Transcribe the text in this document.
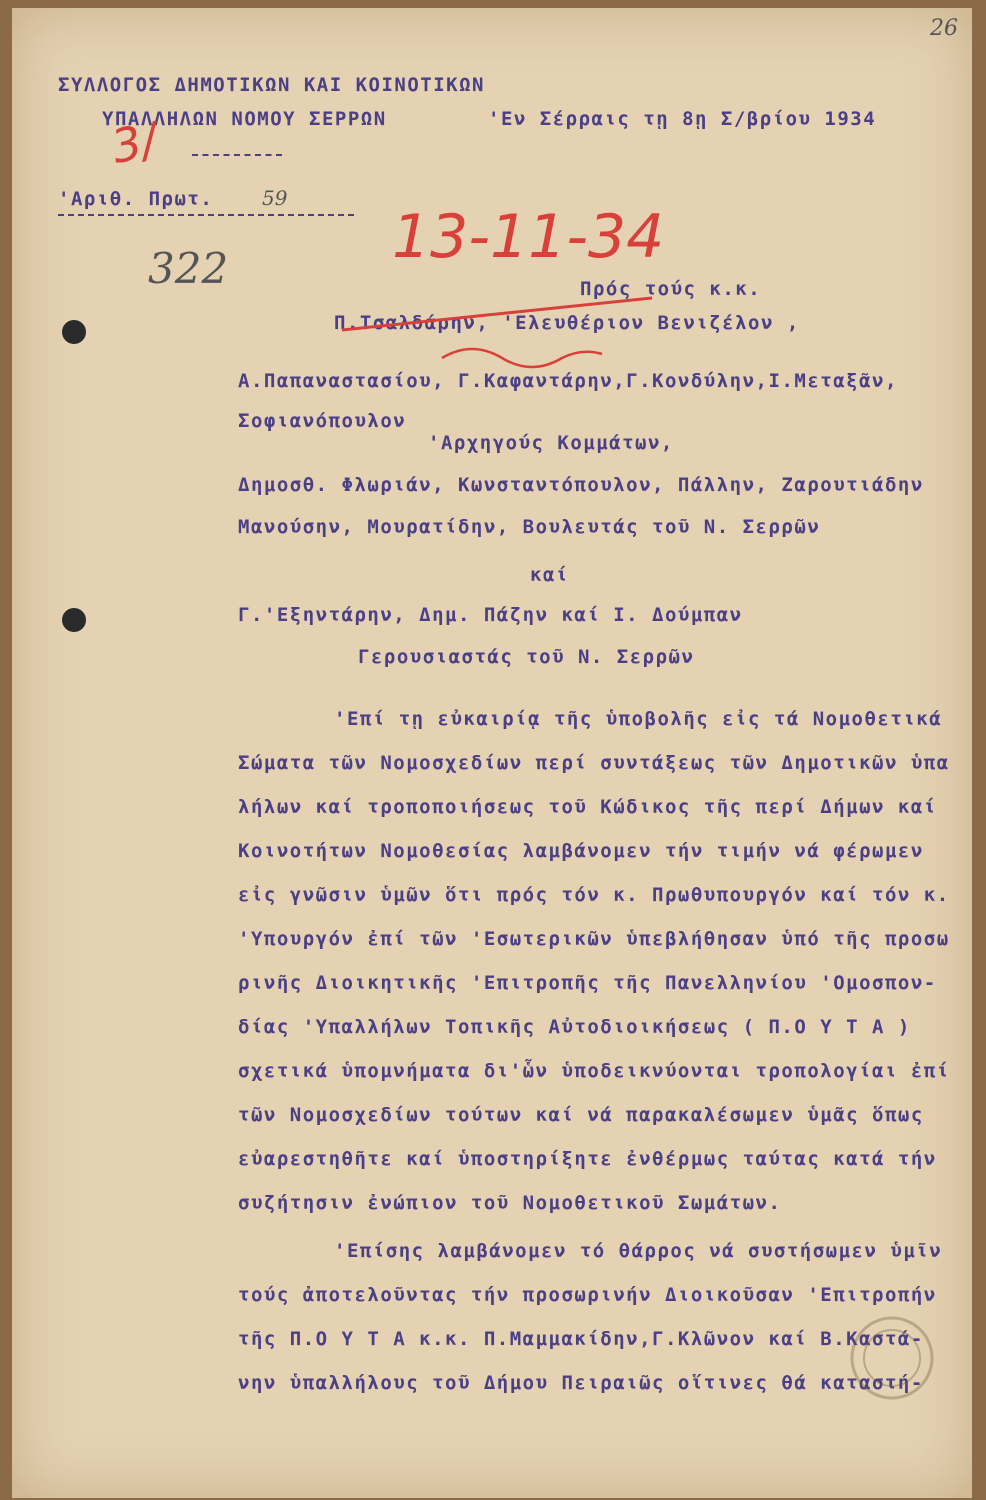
ΣΥΛΛΟΓΟΣ ΔΗΜΟΤΙΚΩΝ ΚΑΙ ΚΟΙΝΟΤΙΚΩΝ
ΥΠΑΛΛΗΛΩΝ ΝΟΜΟΥ ΣΕΡΡΩΝ	'Εν Σέρραις τῃ 8ῃ Σ/βρίου 1934
'Αριθ. Πρωτ. 59
13-11-34
3/
322
26
Πρός τούς κ.κ.
Π.Τσαλδάρην, 'Ελευθέριον Βενιζέλον ,
Α.Παπαναστασίου, Γ.Καφαντάρην,Γ.Κονδύλην,Ι.Μεταξᾶν,
Σοφιανόπουλον
'Αρχηγούς Κομμάτων,
Δημοσθ. Φλωριάν, Κωνσταντόπουλον, Πάλλην, Ζαρουτιάδην
Μανούσην, Μουρατίδην, Βουλευτάς τοῦ Ν. Σερρῶν
καί
Γ.'Εξηντάρην, Δημ. Πάζην καί Ι. Δούμπαν
Γερουσιαστάς τοῦ Ν. Σερρῶν
'Επί τῃ εὐκαιρίᾳ τῆς ὑποβολῆς εἰς τά Νομοθετικά
Σώματα τῶν Νομοσχεδίων περί συντάξεως τῶν Δημοτικῶν ὑπα
λήλων καί τροποποιήσεως τοῦ Κώδικος τῆς περί Δήμων καί
Κοινοτήτων Νομοθεσίας λαμβάνομεν τήν τιμήν νά φέρωμεν
εἰς γνῶσιν ὑμῶν ὅτι πρός τόν κ. Πρωθυπουργόν καί τόν κ.
'Υπουργόν ἐπί τῶν 'Εσωτερικῶν ὑπεβλήθησαν ὑπό τῆς προσω
ρινῆς Διοικητικῆς 'Επιτροπῆς τῆς Πανελληνίου 'Ομοσπον-
δίας 'Υπαλλήλων Τοπικῆς Αὐτοδιοικήσεως ( Π.Ο Υ Τ Α )
σχετικά ὑπομνήματα δι'ὧν ὑποδεικνύονται τροπολογίαι ἐπί
τῶν Νομοσχεδίων τούτων καί νά παρακαλέσωμεν ὑμᾶς ὅπως
εὐαρεστηθῆτε καί ὑποστηρίξητε ἐνθέρμως ταύτας κατά τήν
συζήτησιν ἐνώπιον τοῦ Νομοθετικοῦ Σωμάτων.
'Επίσης λαμβάνομεν τό θάρρος νά συστήσωμεν ὑμῖν
τούς ἀποτελοῦντας τήν προσωρινήν Διοικοῦσαν 'Επιτροπήν
τῆς Π.Ο Υ Τ Α κ.κ. Π.Μαμμακίδην,Γ.Κλῶνον καί Β.Καστά-
νην ὑπαλλήλους τοῦ Δήμου Πειραιῶς οἵτινες θά καταστή-
